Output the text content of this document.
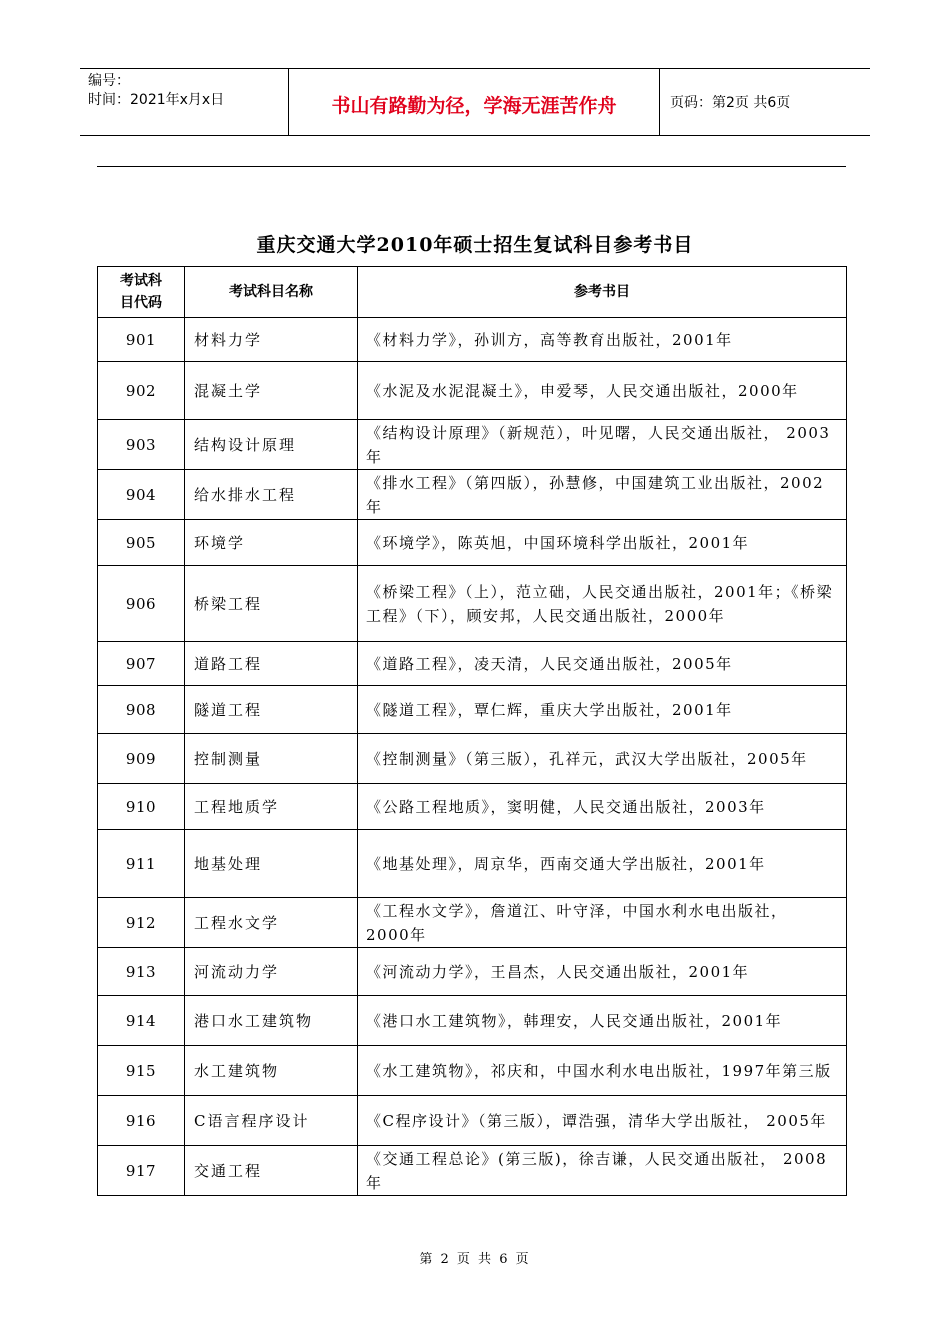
编号：
时间：2021年x月x日	书山有路勤为径，学海无涯苦作舟	页码：第2页 共6页
重庆交通大学2010年硕士招生复试科目参考书目
考试科
目代码	考试科目名称	参考书目
901	材料力学	《材料力学》，孙训方，高等教育出版社，2001年
902	混凝土学	《水泥及水泥混凝土》，申爱琴，人民交通出版社，2000年
903	结构设计原理	《结构设计原理》（新规范），叶见曙，人民交通出版社， 2003年
904	给水排水工程	《排水工程》（第四版），孙慧修，中国建筑工业出版社，2002年
905	环境学	《环境学》，陈英旭，中国环境科学出版社，2001年
906	桥梁工程	《桥梁工程》（上），范立础，人民交通出版社，2001年；《桥梁工程》（下），顾安邦，人民交通出版社，2000年
907	道路工程	《道路工程》，凌天清，人民交通出版社，2005年
908	隧道工程	《隧道工程》，覃仁辉，重庆大学出版社，2001年
909	控制测量	《控制测量》（第三版），孔祥元，武汉大学出版社，2005年
910	工程地质学	《公路工程地质》，窦明健，人民交通出版社，2003年
911	地基处理	《地基处理》，周京华，西南交通大学出版社，2001年
912	工程水文学	《工程水文学》，詹道江、叶守泽，中国水利水电出版社， 2000年
913	河流动力学	《河流动力学》，王昌杰，人民交通出版社，2001年
914	港口水工建筑物	《港口水工建筑物》，韩理安，人民交通出版社，2001年
915	水工建筑物	《水工建筑物》，祁庆和，中国水利水电出版社，1997年第三版
916	C语言程序设计	《C程序设计》（第三版），谭浩强，清华大学出版社， 2005年
917	交通工程	《交通工程总论》(第三版)，徐吉谦，人民交通出版社， 2008年
第 2 页 共 6 页
